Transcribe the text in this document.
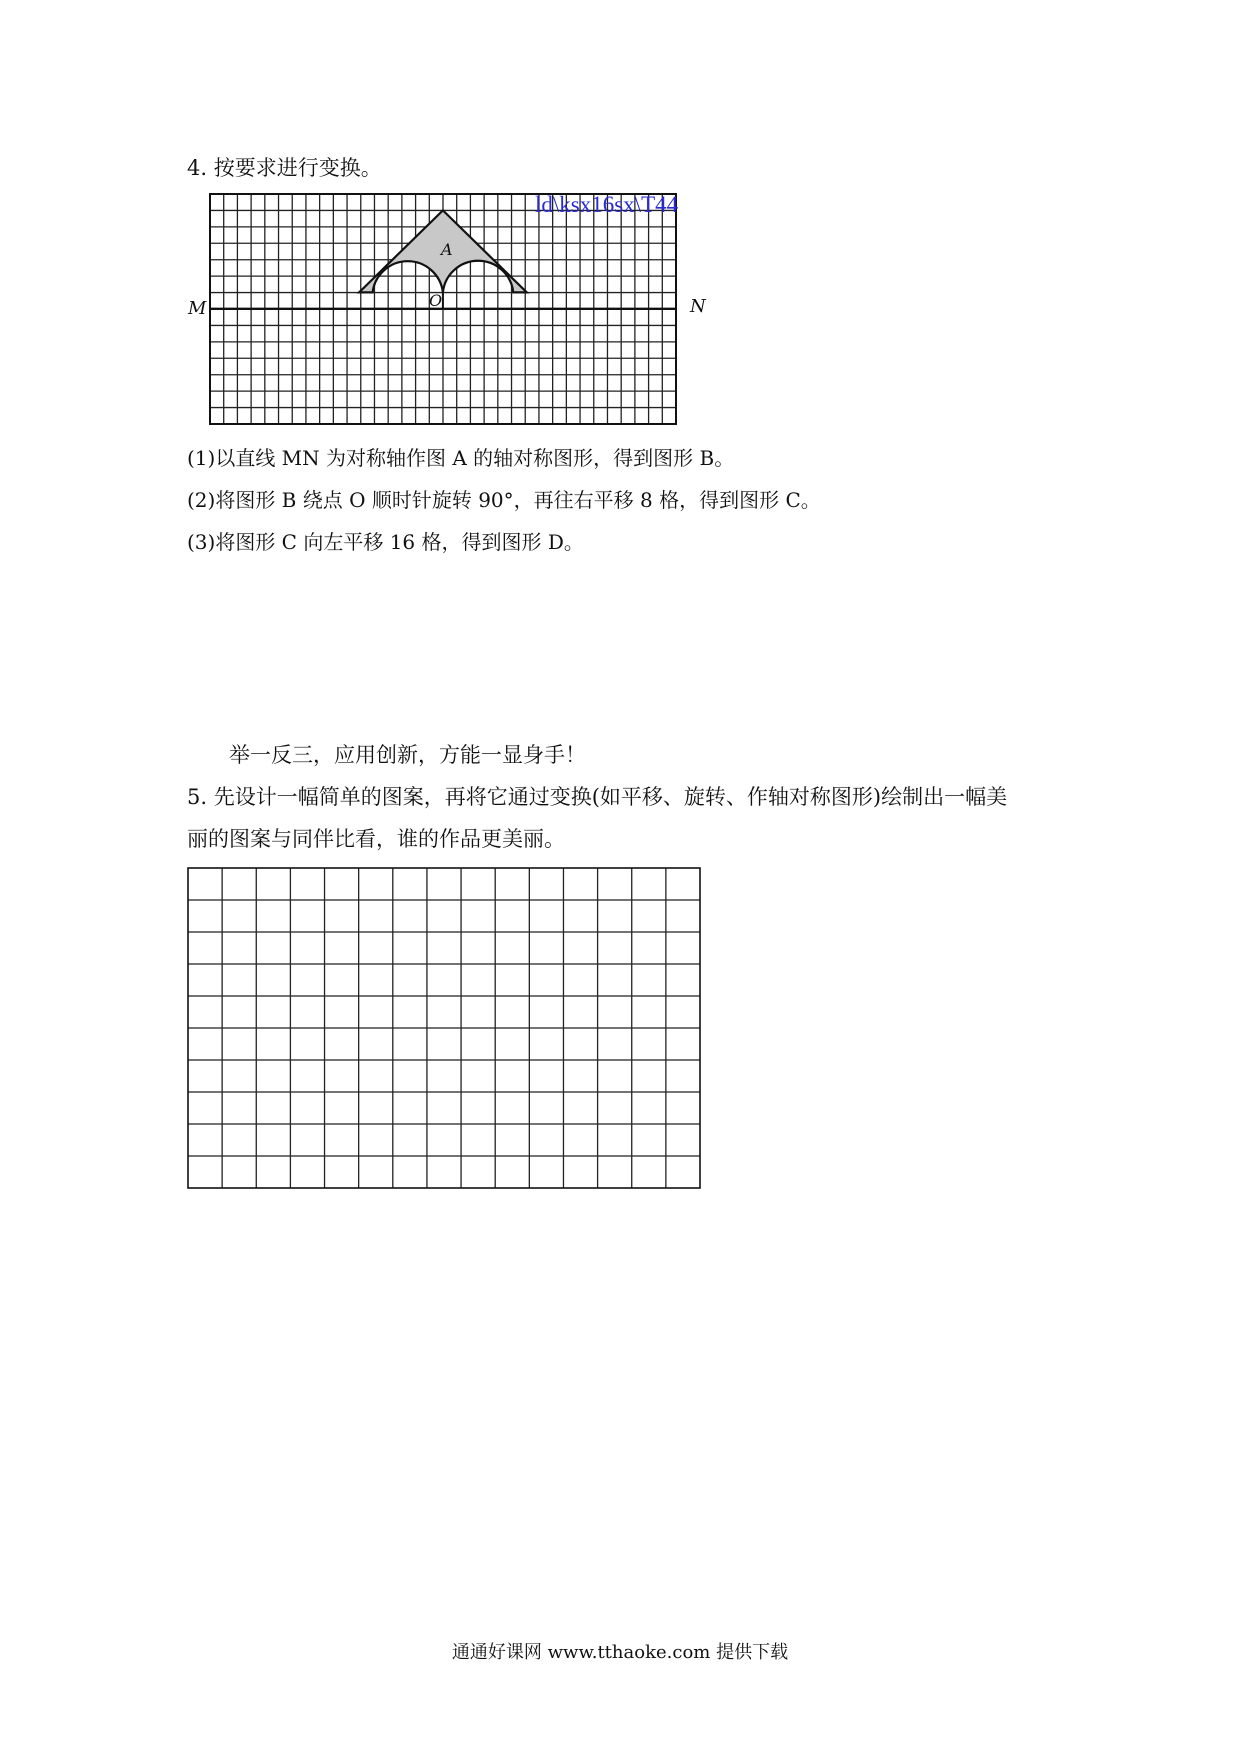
4. 按要求进行变换。
M	N
A
O
ld\ksx16sx\T44
(1)以直线 MN 为对称轴作图 A 的轴对称图形，得到图形 B。
(2)将图形 B 绕点 O 顺时针旋转 90°，再往右平移 8 格，得到图形 C。
(3)将图形 C 向左平移 16 格，得到图形 D。
举一反三，应用创新，方能一显身手！
5. 先设计一幅简单的图案，再将它通过变换(如平移、旋转、作轴对称图形)绘制出一幅美
丽的图案与同伴比看，谁的作品更美丽。
通通好课网 www.tthaoke.com 提供下载
